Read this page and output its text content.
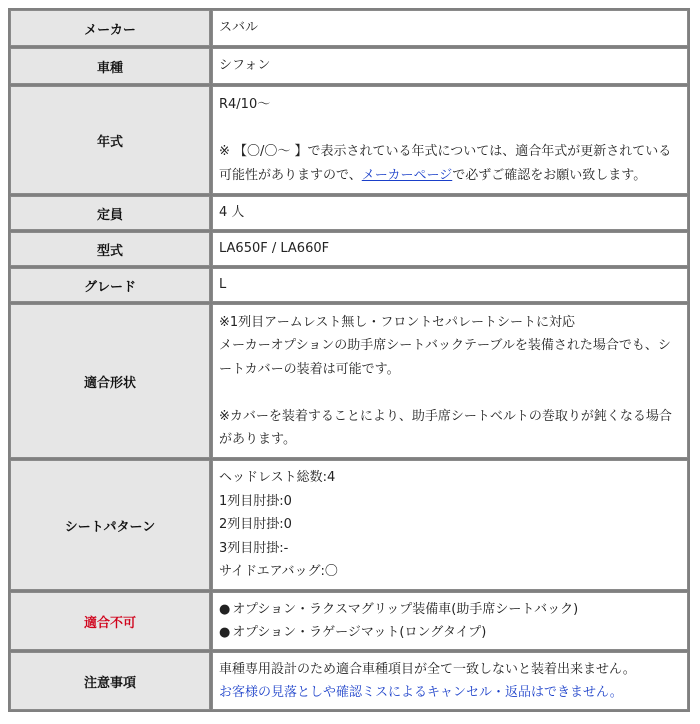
メーカー	スバル
車種	シフォン
年式	R4/10～
※ 【〇/〇～ 】で表示されている年式については、適合年式が更新されている可能性がありますので、メーカーページで必ずご確認をお願い致します。

定員	4 人
型式	LA650F / LA660F
グレード	L
適合形状	※1列目アームレスト無し・フロントセパレートシートに対応
メーカーオプションの助手席シートバックテーブルを装備された場合でも、シートカバーの装着は可能です。
※カバーを装着することにより、助手席シートベルトの巻取りが鈍くなる場合があります。

シートパターン	ヘッドレスト総数:4
1列目肘掛:0
2列目肘掛:0
3列目肘掛:-
サイドエアバッグ:〇

適合不可	● オプション・ラクスマグリップ装備車(助手席シートバック)
● オプション・ラゲージマット(ロングタイプ)

注意事項	車種専用設計のため適合車種項目が全て一致しないと装着出来ません。
お客様の見落としや確認ミスによるキャンセル・返品はできません。
